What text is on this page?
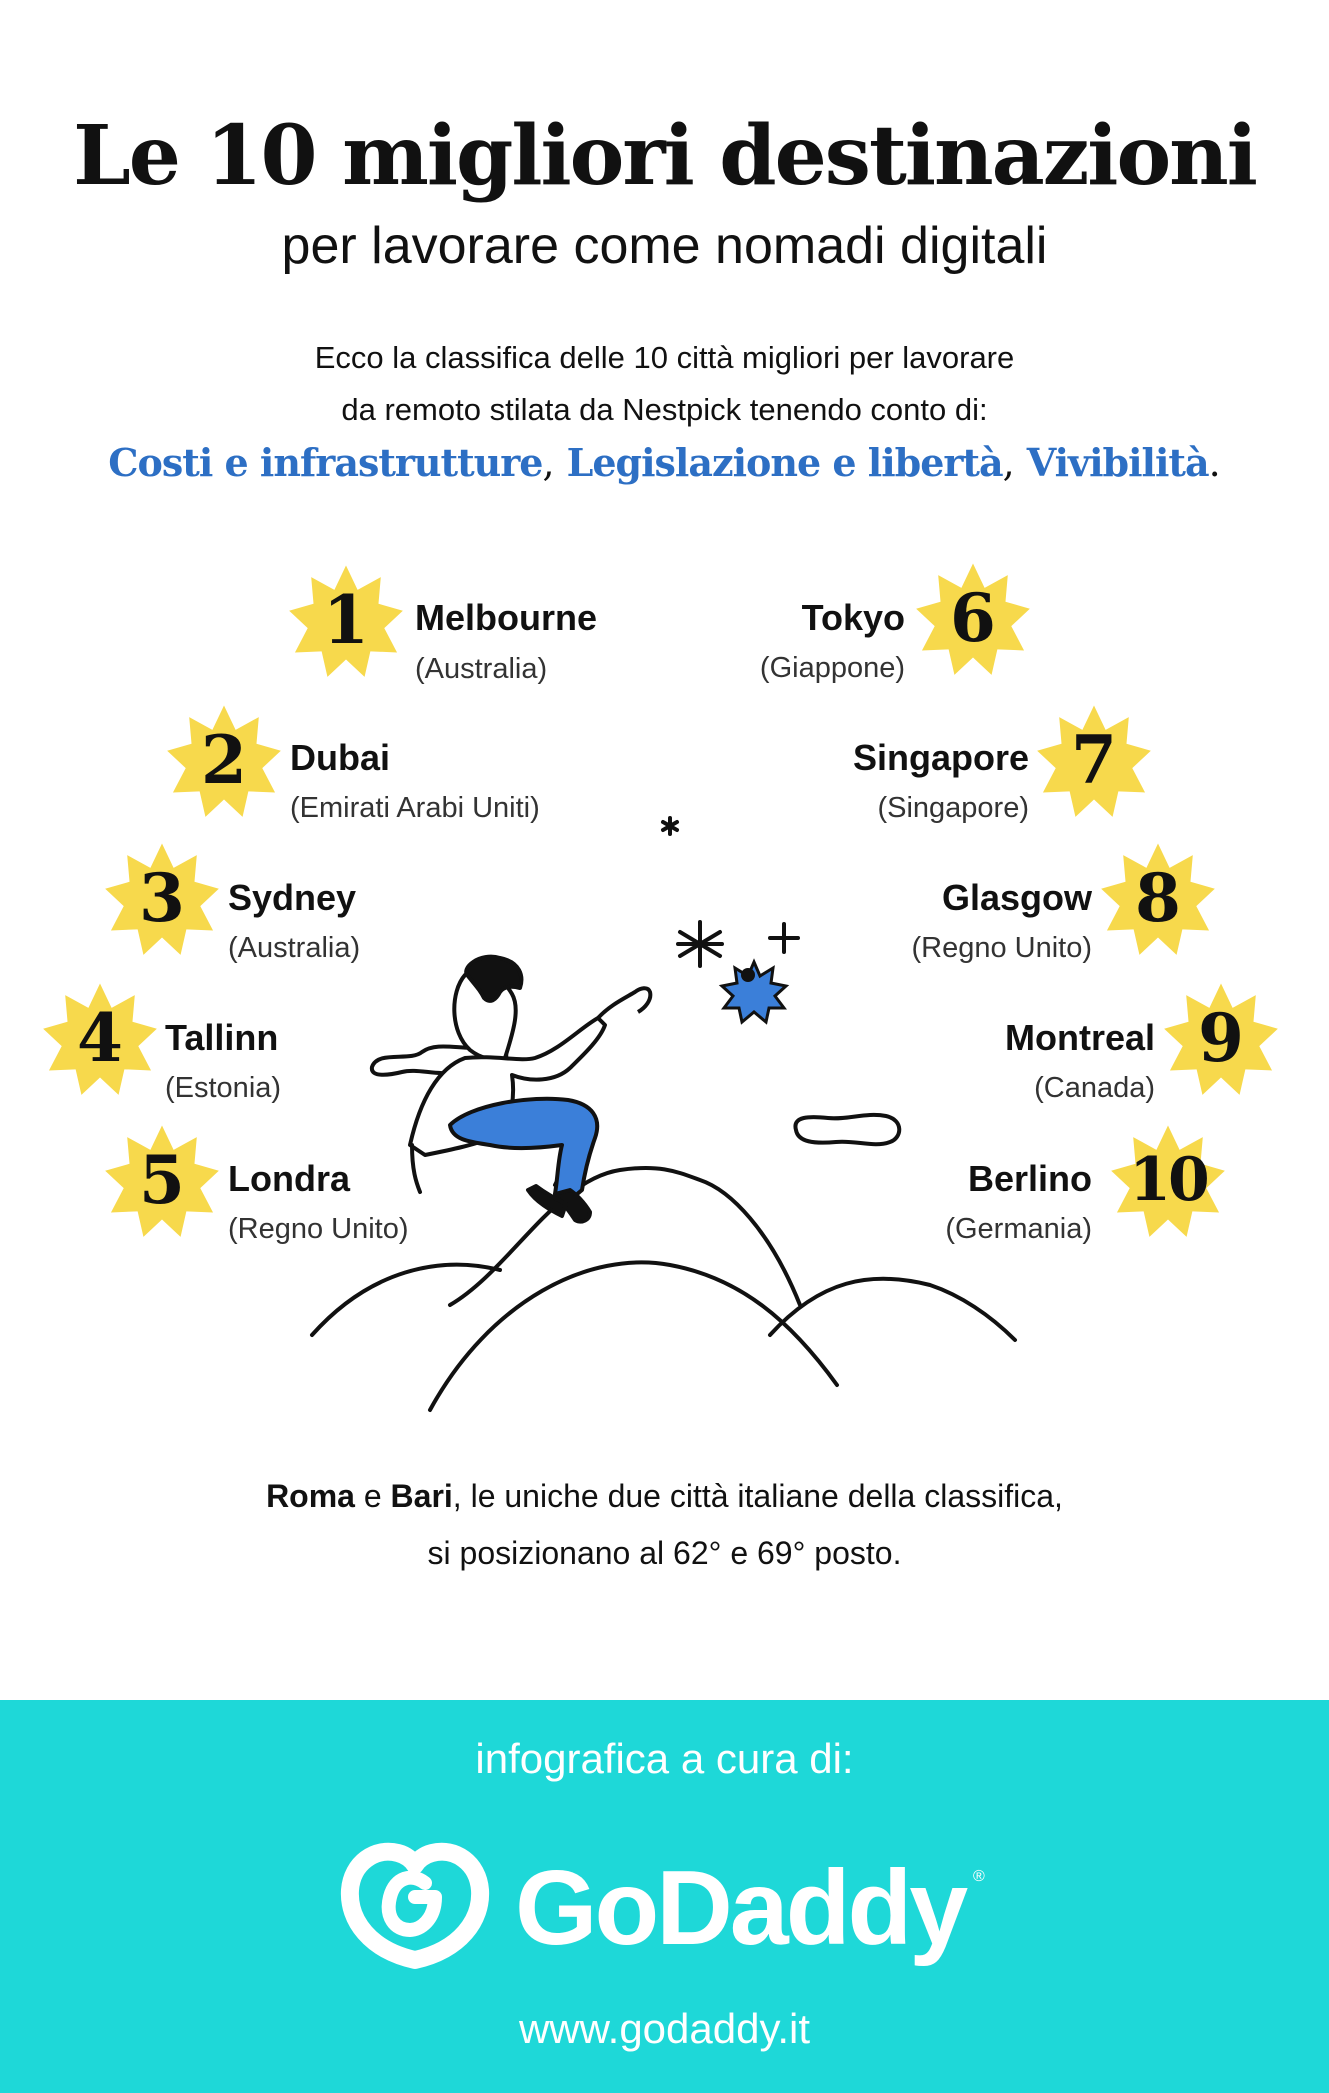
Le 10 migliori destinazioni
per lavorare come nomadi digitali
Ecco la classifica delle 10 città migliori per lavorare
da remoto stilata da Nestpick tenendo conto di:
Costi e infrastrutture, Legislazione e libertà, Vivibilità.
1	Melbourne
(Australia)
2	Dubai
(Emirati Arabi Uniti)
3	Sydney
(Australia)
4	Tallinn
(Estonia)
5	Londra
(Regno Unito)
6
Tokyo
(Giappone)
7
Singapore
(Singapore)
8
Glasgow
(Regno Unito)
9
Montreal
(Canada)
10
Berlino
(Germania)
Roma e Bari, le uniche due città italiane della classifica,
si posizionano al 62° e 69° posto.
infografica a cura di:
GoDaddy ®
www.godaddy.it
